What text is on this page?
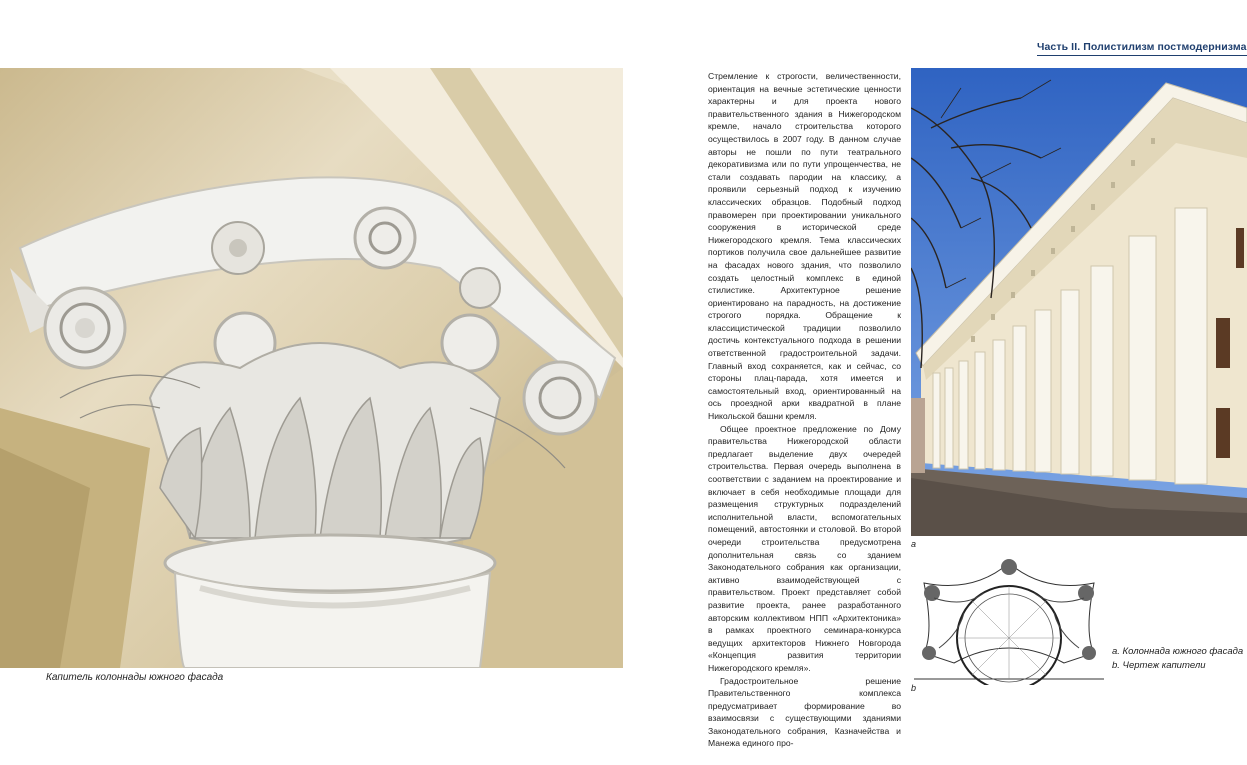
Капитель колоннады южного фасада
Часть II. Полистилизм постмодернизма

Стремление к строгости, величественности, ориентация на вечные эстетические ценности характерны и для проекта нового правительственного здания в Нижегородском кремле, начало строительства которого осуществилось в 2007 году. В данном случае авторы не пошли по пути театрального декоративизма или по пути упрощенчества, не стали создавать пародии на классику, а проявили серьезный подход к изучению классических образцов. Подобный подход правомерен при проектировании уникального сооружения в исторической среде Нижегородского кремля. Тема классических портиков получила свое дальнейшее развитие на фасадах нового здания, что позволило создать целостный комплекс в единой стилистике. Архитектурное решение ориентировано на парадность, на достижение строгого порядка. Обращение к классицистической традиции позволило достичь контекстуального подхода в решении ответственной градостроительной задачи. Главный вход сохраняется, как и сейчас, со стороны плац-парада, хотя имеется и самостоятельный вход, ориентированный на ось проездной арки квадратной в плане Никольской башни кремля.

Общее проектное предложение по Дому правительства Нижегородской области предлагает выделение двух очередей строительства. Первая очередь выполнена в соответствии с заданием на проектирование и включает в себя необходимые площади для размещения структурных подразделений исполнительной власти, вспомогательных помещений, автостоянки и столовой. Во второй очереди строительства предусмотрена дополнительная связь со зданием Законодательного собрания как организации, активно взаимодействующей с правительством. Проект представляет собой развитие проекта, ранее разработанного авторским коллективом НПП «Архитектоника» в рамках проектного семинара-конкурса ведущих архитекторов Нижнего Новгорода «Концепция развития территории Нижегородского кремля».

Градостроительное решение Правительственного комплекса предусматривает формирование во взаимосвязи с существующими зданиями Законодательного собрания, Казначейства и Манежа единого про-

a
b
a. Колоннада южного фасада
b. Чертеж капители
